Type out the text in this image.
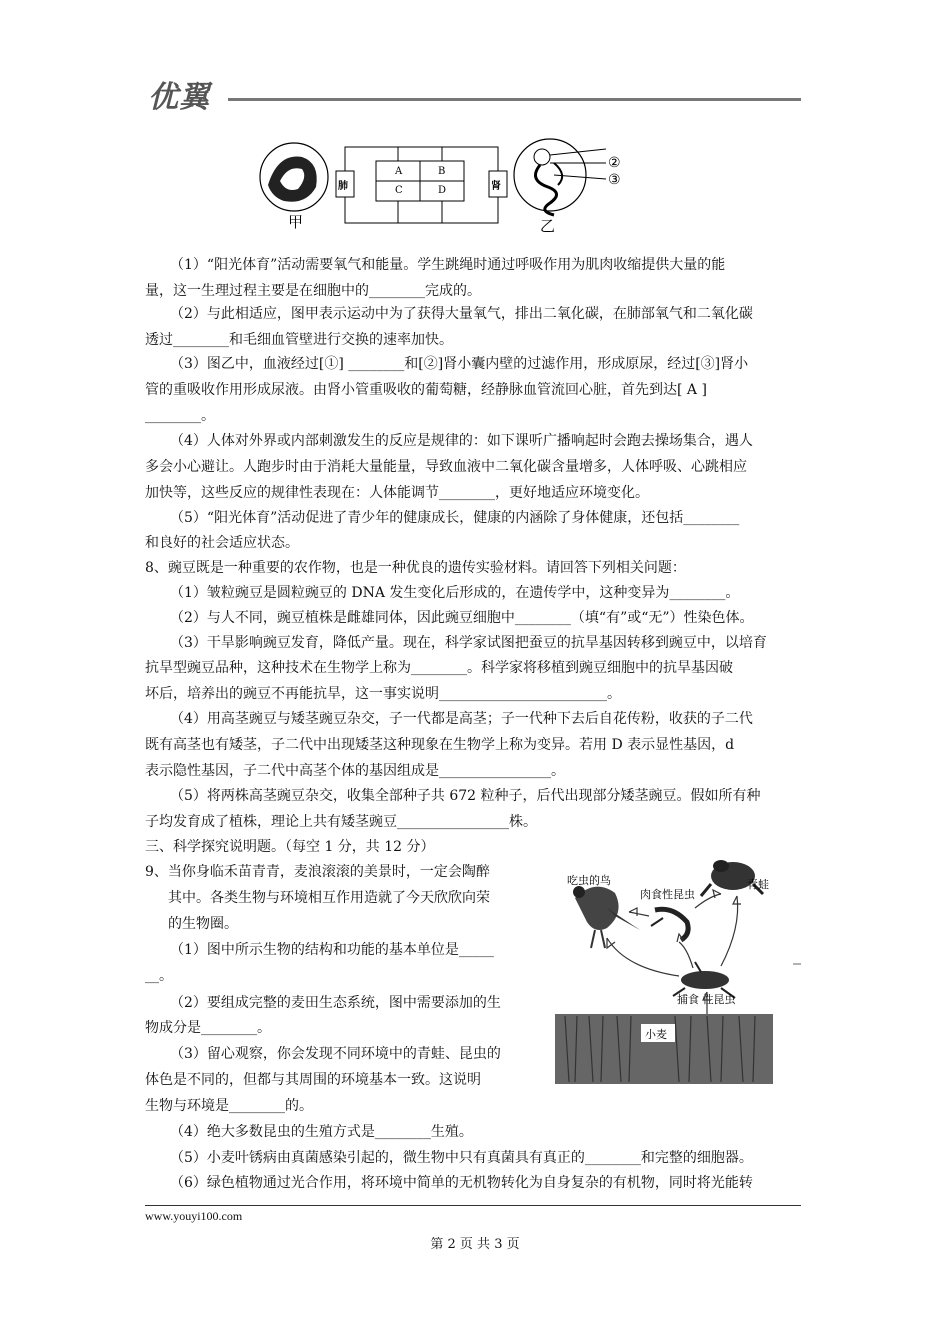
优翼
甲
肺
A
C
B
D	肾
②
③
乙
（1）“阳光体育”活动需要氧气和能量。学生跳绳时通过呼吸作用为肌肉收缩提供大量的能
量，这一生理过程主要是在细胞中的________完成的。
（2）与此相适应，图甲表示运动中为了获得大量氧气，排出二氧化碳，在肺部氧气和二氧化碳
透过________和毛细血管壁进行交换的速率加快。
（3）图乙中，血液经过[①] ________和[②]肾小囊内壁的过滤作用，形成原尿，经过[③]肾小
管的重吸收作用形成尿液。由肾小管重吸收的葡萄糖，经静脉血管流回心脏，首先到达[ A ]
________。
（4）人体对外界或内部刺激发生的反应是规律的：如下课听广播响起时会跑去操场集合，遇人
多会小心避让。人跑步时由于消耗大量能量，导致血液中二氧化碳含量增多，人体呼吸、心跳相应
加快等，这些反应的规律性表现在：人体能调节________，更好地适应环境变化。
（5）“阳光体育”活动促进了青少年的健康成长，健康的内涵除了身体健康，还包括________
和良好的社会适应状态。
8、豌豆既是一种重要的农作物，也是一种优良的遗传实验材料。请回答下列相关问题：
（1）皱粒豌豆是圆粒豌豆的 DNA 发生变化后形成的，在遗传学中，这种变异为________。
（2）与人不同，豌豆植株是雌雄同体，因此豌豆细胞中________（填“有”或“无”）性染色体。
（3）干旱影响豌豆发育，降低产量。现在，科学家试图把蚕豆的抗旱基因转移到豌豆中，以培育
抗旱型豌豆品种，这种技术在生物学上称为________。科学家将移植到豌豆细胞中的抗旱基因破
坏后，培养出的豌豆不再能抗旱，这一事实说明________________________。
（4）用高茎豌豆与矮茎豌豆杂交，子一代都是高茎；子一代种下去后自花传粉，收获的子二代
既有高茎也有矮茎，子二代中出现矮茎这种现象在生物学上称为变异。若用 D 表示显性基因，d
表示隐性基因，子二代中高茎个体的基因组成是________________。
（5）将两株高茎豌豆杂交，收集全部种子共 672 粒种子，后代出现部分矮茎豌豆。假如所有种
子均发育成了植株，理论上共有矮茎豌豆________________株。
三、科学探究说明题。（每空 1 分，共 12 分）
9、当你身临禾苗青青，麦浪滚滚的美景时，一定会陶醉
其中。各类生物与环境相互作用造就了今天欣欣向荣
的生物圈。
（1）图中所示生物的结构和功能的基本单位是_____
__。
（2）要组成完整的麦田生态系统，图中需要添加的生
物成分是________。
（3）留心观察，你会发现不同环境中的青蛙、昆虫的
体色是不同的，但都与其周围的环境基本一致。这说明
生物与环境是________的。
（4）绝大多数昆虫的生殖方式是________生殖。
（5）小麦叶锈病由真菌感染引起的，微生物中只有真菌具有真正的________和完整的细胞器。
（6）绿色植物通过光合作用，将环境中简单的无机物转化为自身复杂的有机物，同时将光能转
吃虫的鸟	青蛙
肉食性昆虫
捕食 性昆虫
小麦
www.youyi100.com
第 2 页 共 3 页
